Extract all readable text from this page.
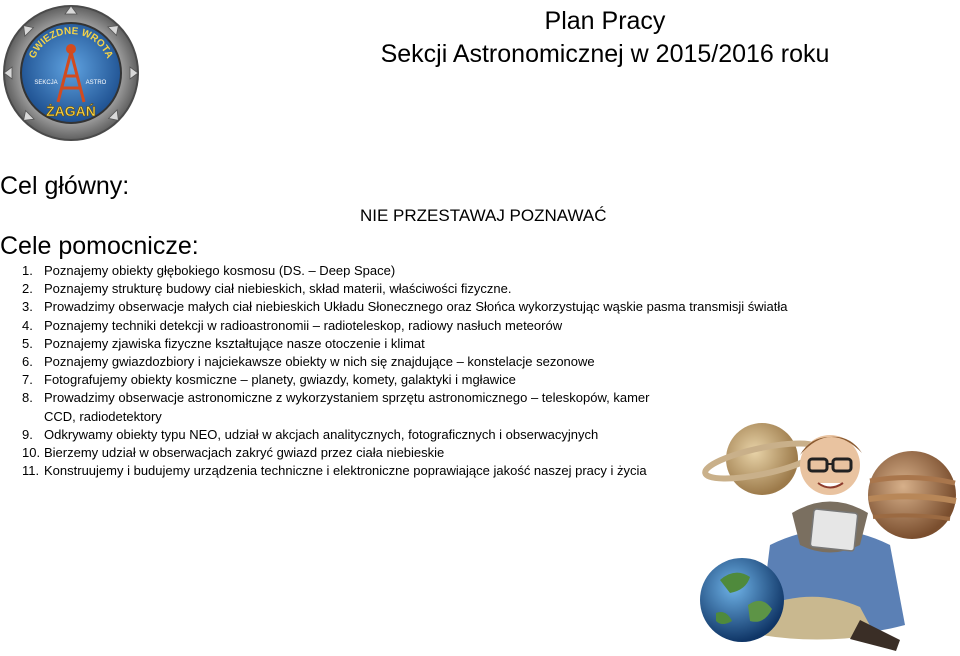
GWIEZDNE WROTA
SEKCJA	ASTRO
ŻAGAŃ
Plan Pracy
Sekcji Astronomicznej w 2015/2016 roku
Cel główny:
NIE PRZESTAWAJ POZNAWAĆ
Cele pomocnicze:
1. Poznajemy obiekty głębokiego kosmosu (DS. – Deep Space)
2. Poznajemy strukturę budowy ciał niebieskich, skład materii, właściwości fizyczne.
3. Prowadzimy obserwacje małych ciał niebieskich Układu Słonecznego oraz Słońca wykorzystując wąskie pasma transmisji światła
4. Poznajemy techniki detekcji w radioastronomii – radioteleskop, radiowy nasłuch meteorów
5. Poznajemy zjawiska fizyczne kształtujące nasze otoczenie i klimat
6. Poznajemy gwiazdozbiory i najciekawsze obiekty w nich się znajdujące – konstelacje sezonowe
7. Fotografujemy obiekty kosmiczne – planety, gwiazdy, komety, galaktyki i mgławice
8. Prowadzimy obserwacje astronomiczne z wykorzystaniem sprzętu astronomicznego – teleskopów, kamer CCD, radiodetektory
9. Odkrywamy obiekty typu NEO, udział w akcjach analitycznych, fotograficznych i obserwacyjnych
10. Bierzemy udział w obserwacjach zakryć gwiazd przez ciała niebieskie
11. Konstruujemy i budujemy urządzenia techniczne i elektroniczne poprawiające jakość naszej pracy i życia
